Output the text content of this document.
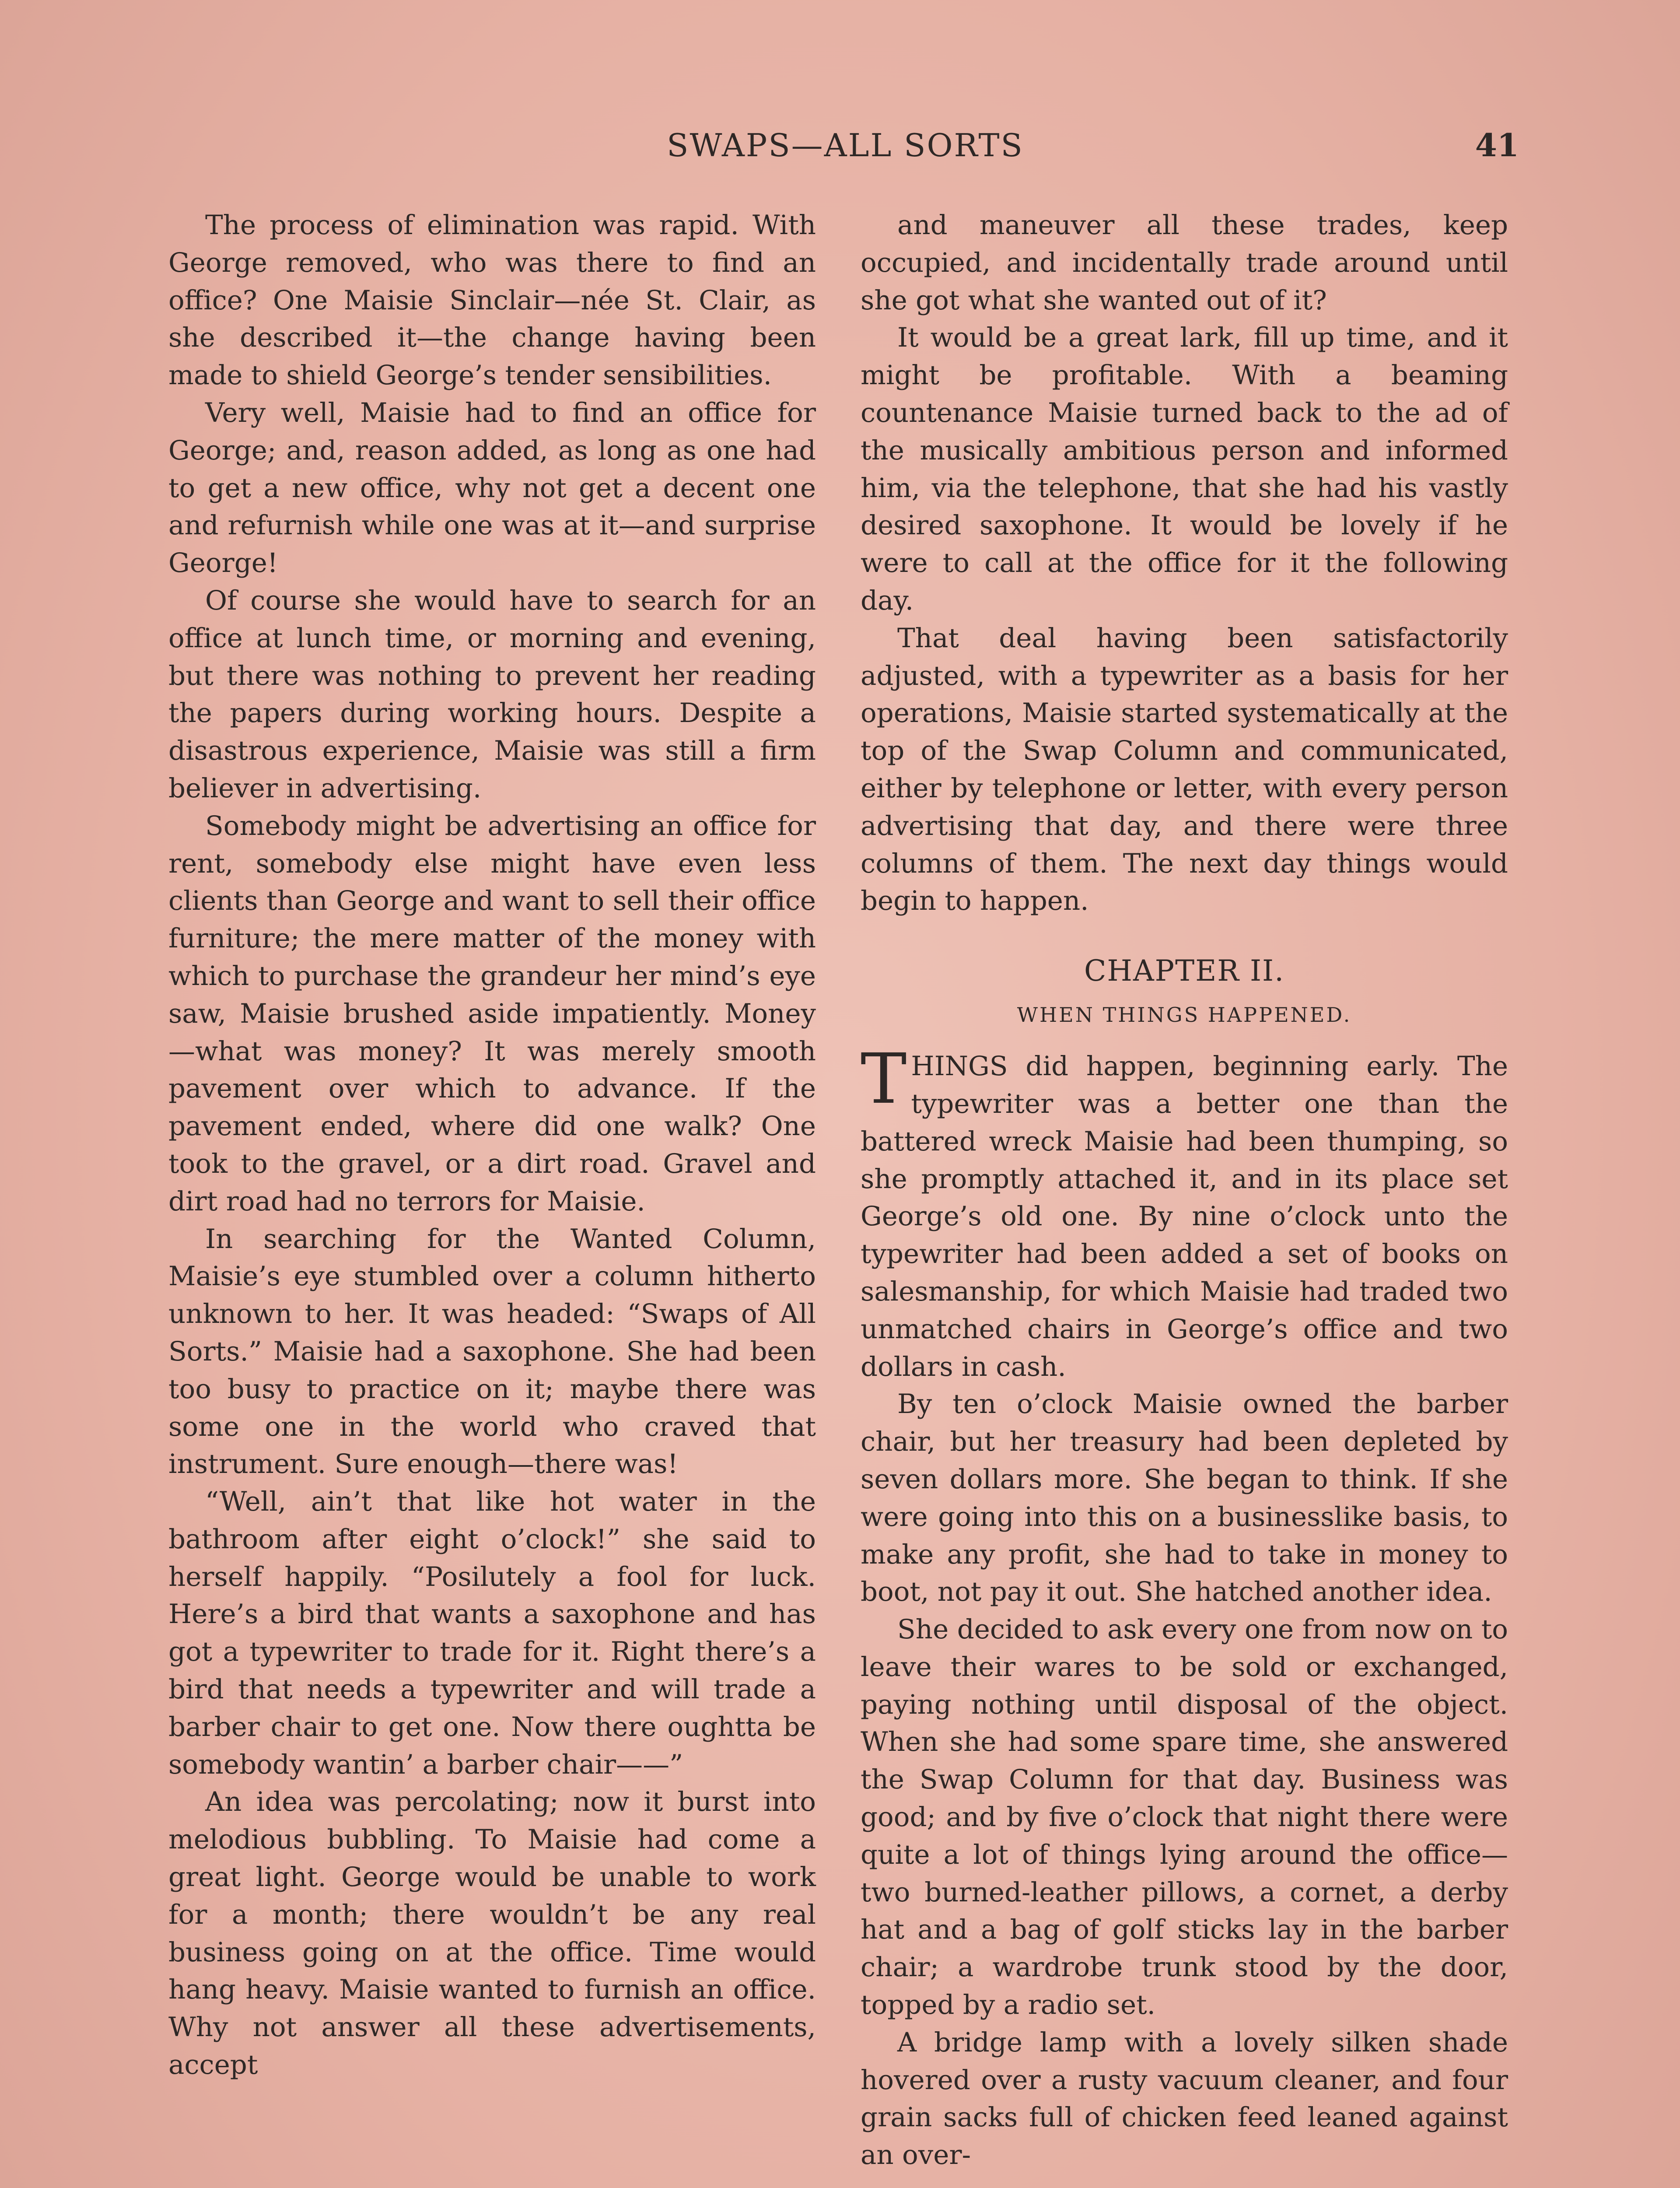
SWAPS—ALL SORTS	41

The process of elimination was rapid. With George removed, who was there to find an office? One Maisie Sinclair—née St. Clair, as she described it—the change having been made to shield George’s tender sensibilities.

Very well, Maisie had to find an office for George; and, reason added, as long as one had to get a new office, why not get a decent one and refurnish while one was at it—and surprise George!

Of course she would have to search for an office at lunch time, or morning and evening, but there was nothing to prevent her reading the papers during working hours. Despite a disastrous experience, Maisie was still a firm believer in advertising.

Somebody might be advertising an office for rent, somebody else might have even less clients than George and want to sell their office furniture; the mere matter of the money with which to purchase the grandeur her mind’s eye saw, Maisie brushed aside impatiently. Money —what was money? It was merely smooth pavement over which to advance. If the pavement ended, where did one walk? One took to the gravel, or a dirt road. Gravel and dirt road had no terrors for Maisie.

In searching for the Wanted Column, Maisie’s eye stumbled over a column hitherto unknown to her. It was headed: “Swaps of All Sorts.” Maisie had a saxophone. She had been too busy to practice on it; maybe there was some one in the world who craved that instrument. Sure enough—there was!

“Well, ain’t that like hot water in the bathroom after eight o’clock!” she said to herself happily. “Posilutely a fool for luck. Here’s a bird that wants a saxophone and has got a typewriter to trade for it. Right there’s a bird that needs a typewriter and will trade a barber chair to get one. Now there oughtta be somebody wantin’ a barber chair——”

An idea was percolating; now it burst into melodious bubbling. To Maisie had come a great light. George would be unable to work for a month; there wouldn’t be any real business going on at the office. Time would hang heavy. Maisie wanted to furnish an office. Why not answer all these advertisements, accept

and maneuver all these trades, keep occupied, and incidentally trade around until she got what she wanted out of it?

It would be a great lark, fill up time, and it might be profitable. With a beaming countenance Maisie turned back to the ad of the musically ambitious person and informed him, via the telephone, that she had his vastly desired saxophone. It would be lovely if he were to call at the office for it the following day.

That deal having been satisfactorily adjusted, with a typewriter as a basis for her operations, Maisie started systematically at the top of the Swap Column and communicated, either by telephone or letter, with every person advertising that day, and there were three columns of them. The next day things would begin to happen.

CHAPTER II.
WHEN THINGS HAPPENED.

THINGS did happen, beginning early. The typewriter was a better one than the battered wreck Maisie had been thumping, so she promptly attached it, and in its place set George’s old one. By nine o’clock unto the typewriter had been added a set of books on salesmanship, for which Maisie had traded two unmatched chairs in George’s office and two dollars in cash.

By ten o’clock Maisie owned the barber chair, but her treasury had been depleted by seven dollars more. She began to think. If she were going into this on a businesslike basis, to make any profit, she had to take in money to boot, not pay it out. She hatched another idea.

She decided to ask every one from now on to leave their wares to be sold or exchanged, paying nothing until disposal of the object. When she had some spare time, she answered the Swap Column for that day. Business was good; and by five o’clock that night there were quite a lot of things lying around the office—two burned-leather pillows, a cornet, a derby hat and a bag of golf sticks lay in the barber chair; a wardrobe trunk stood by the door, topped by a radio set.

A bridge lamp with a lovely silken shade hovered over a rusty vacuum cleaner, and four grain sacks full of chicken feed leaned against an over-
